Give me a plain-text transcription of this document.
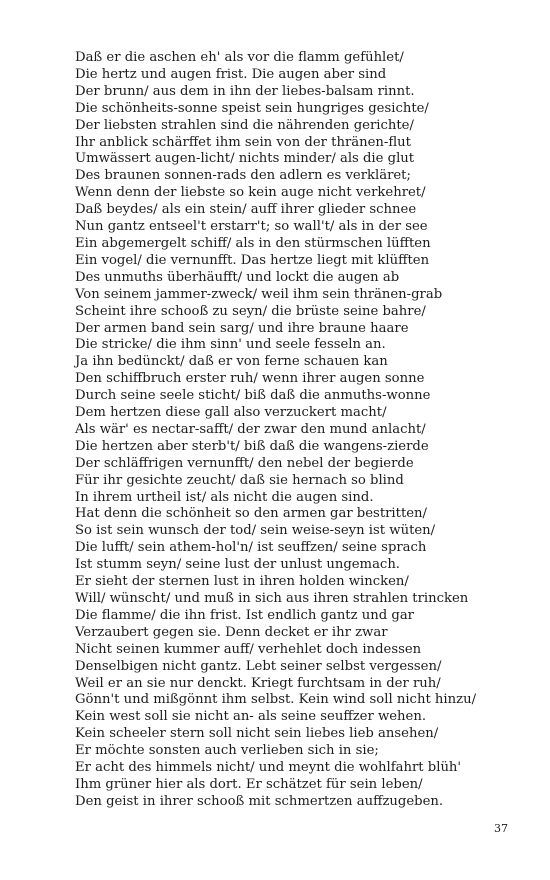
Daß er die aschen eh' als vor die flamm gefühlet/
Die hertz und augen frist. Die augen aber sind
Der brunn/ aus dem in ihn der liebes-balsam rinnt.
Die schönheits-sonne speist sein hungriges gesichte/
Der liebsten strahlen sind die nährenden gerichte/
Ihr anblick schärffet ihm sein von der thränen-flut
Umwässert augen-licht/ nichts minder/ als die glut
Des braunen sonnen-rads den adlern es verkläret;
Wenn denn der liebste so kein auge nicht verkehret/
Daß beydes/ als ein stein/ auff ihrer glieder schnee
Nun gantz entseel't erstarr't; so wall't/ als in der see
Ein abgemergelt schiff/ als in den stürmschen lüfften
Ein vogel/ die vernunfft. Das hertze liegt mit klüfften
Des unmuths überhäufft/ und lockt die augen ab
Von seinem jammer-zweck/ weil ihm sein thränen-grab
Scheint ihre schooß zu seyn/ die brüste seine bahre/
Der armen band sein sarg/ und ihre braune haare
Die stricke/ die ihm sinn' und seele fesseln an.
Ja ihn bedünckt/ daß er von ferne schauen kan
Den schiffbruch erster ruh/ wenn ihrer augen sonne
Durch seine seele sticht/ biß daß die anmuths-wonne
Dem hertzen diese gall also verzuckert macht/
Als wär' es nectar-safft/ der zwar den mund anlacht/
Die hertzen aber sterb't/ biß daß die wangens-zierde
Der schläffrigen vernunfft/ den nebel der begierde
Für ihr gesichte zeucht/ daß sie hernach so blind
In ihrem urtheil ist/ als nicht die augen sind.
Hat denn die schönheit so den armen gar bestritten/
So ist sein wunsch der tod/ sein weise-seyn ist wüten/
Die lufft/ sein athem-hol'n/ ist seuffzen/ seine sprach
Ist stumm seyn/ seine lust der unlust ungemach.
Er sieht der sternen lust in ihren holden wincken/
Will/ wünscht/ und muß in sich aus ihren strahlen trincken
Die flamme/ die ihn frist. Ist endlich gantz und gar
Verzaubert gegen sie. Denn decket er ihr zwar
Nicht seinen kummer auff/ verhehlet doch indessen
Denselbigen nicht gantz. Lebt seiner selbst vergessen/
Weil er an sie nur denckt. Kriegt furchtsam in der ruh/
Gönn't und mißgönnt ihm selbst. Kein wind soll nicht hinzu/
Kein west soll sie nicht an- als seine seuffzer wehen.
Kein scheeler stern soll nicht sein liebes lieb ansehen/
Er möchte sonsten auch verlieben sich in sie;
Er acht des himmels nicht/ und meynt die wohlfahrt blüh'
Ihm grüner hier als dort. Er schätzet für sein leben/
Den geist in ihrer schooß mit schmertzen auffzugeben.
37
